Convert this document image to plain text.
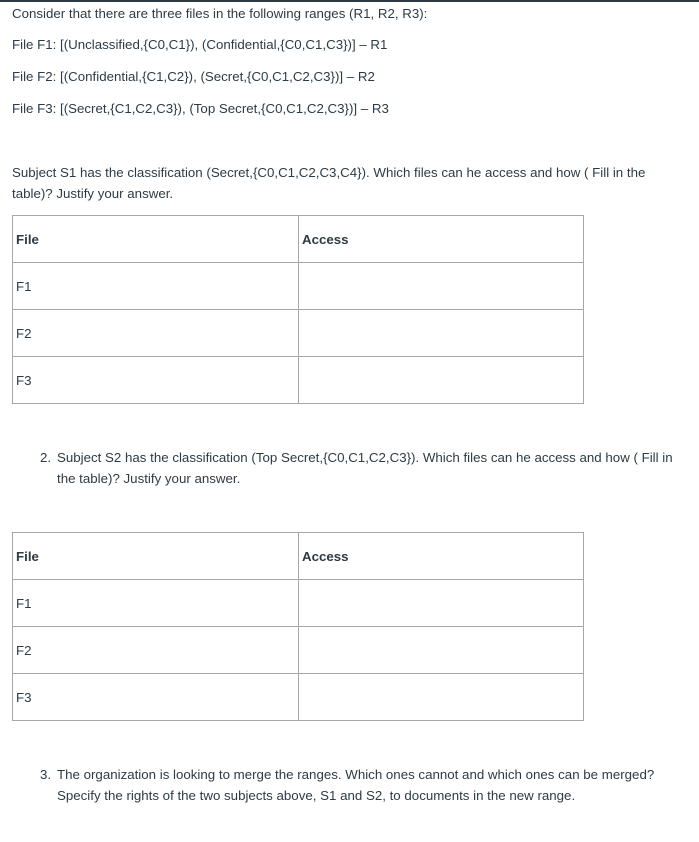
Consider that there are three files in the following ranges (R1, R2, R3):
File F1: [(Unclassified,{C0,C1}), (Confidential,{C0,C1,C3})] – R1
File F2: [(Confidential,{C1,C2}), (Secret,{C0,C1,C2,C3})] – R2
File F3: [(Secret,{C1,C2,C3}), (Top Secret,{C0,C1,C2,C3})] – R3
Subject S1 has the classification (Secret,{C0,C1,C2,C3,C4}). Which files can he access and how ( Fill in the table)? Justify your answer.
File	Access
F1	
F2	
F3	
2. Subject S2 has the classification (Top Secret,{C0,C1,C2,C3}). Which files can he access and how ( Fill in the table)? Justify your answer.
File	Access
F1	
F2	
F3	
3. The organization is looking to merge the ranges. Which ones cannot and which ones can be merged? Specify the rights of the two subjects above, S1 and S2, to documents in the new range.
